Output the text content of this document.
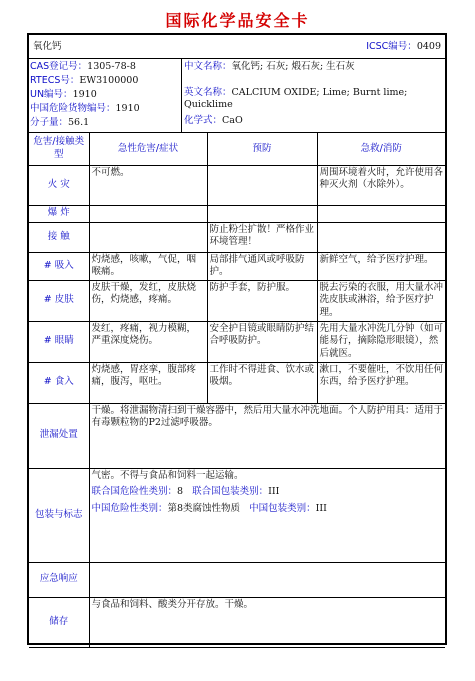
国际化学品安全卡
氧化钙	ICSC编号：0409
CAS登记号：1305-78-8
RTECS号：EW3100000
UN编号：1910
中国危险货物编号：1910
分子量：56.1
中文名称：氧化钙; 石灰; 煅石灰; 生石灰
英文名称：CALCIUM OXIDE; Lime; Burnt lime; Quicklime
化学式：CaO
危害/接触类型	急性危害/症状	预防	急救/消防
火 灾	不可燃。		周围环境着火时，允许使用各种灭火剂（水除外）。
爆 炸			
接 触		防止粉尘扩散！严格作业环境管理！	
# 吸入	灼烧感，咳嗽，气促，咽喉痛。	局部排气通风或呼吸防护。	新鲜空气，给予医疗护理。
# 皮肤	皮肤干燥，发红，皮肤烧伤，灼烧感，疼痛。	防护手套，防护服。	脱去污染的衣服，用大量水冲洗皮肤或淋浴，给予医疗护理。
# 眼睛	发红，疼痛，视力模糊，严重深度烧伤。	安全护目镜或眼睛防护结合呼吸防护。	先用大量水冲洗几分钟（如可能易行，摘除隐形眼镜），然后就医。
# 食入	灼烧感，胃痉挛，腹部疼痛，腹泻，呕吐。	工作时不得进食、饮水或吸烟。	漱口，不要催吐，不饮用任何东西，给予医疗护理。
泄漏处置	干燥。将泄漏物清扫到干燥容器中，然后用大量水冲洗地面。个人防护用具：适用于有毒颗粒物的P2过滤呼吸器。		
包装与标志	气密。不得与食品和饲料一起运输。
联合国危险性类别：8 联合国包装类别：III
中国危险性类别：第8类腐蚀性物质 中国包装类别：III		

应急响应			
储存	与食品和饲料、酸类分开存放。干燥。		
